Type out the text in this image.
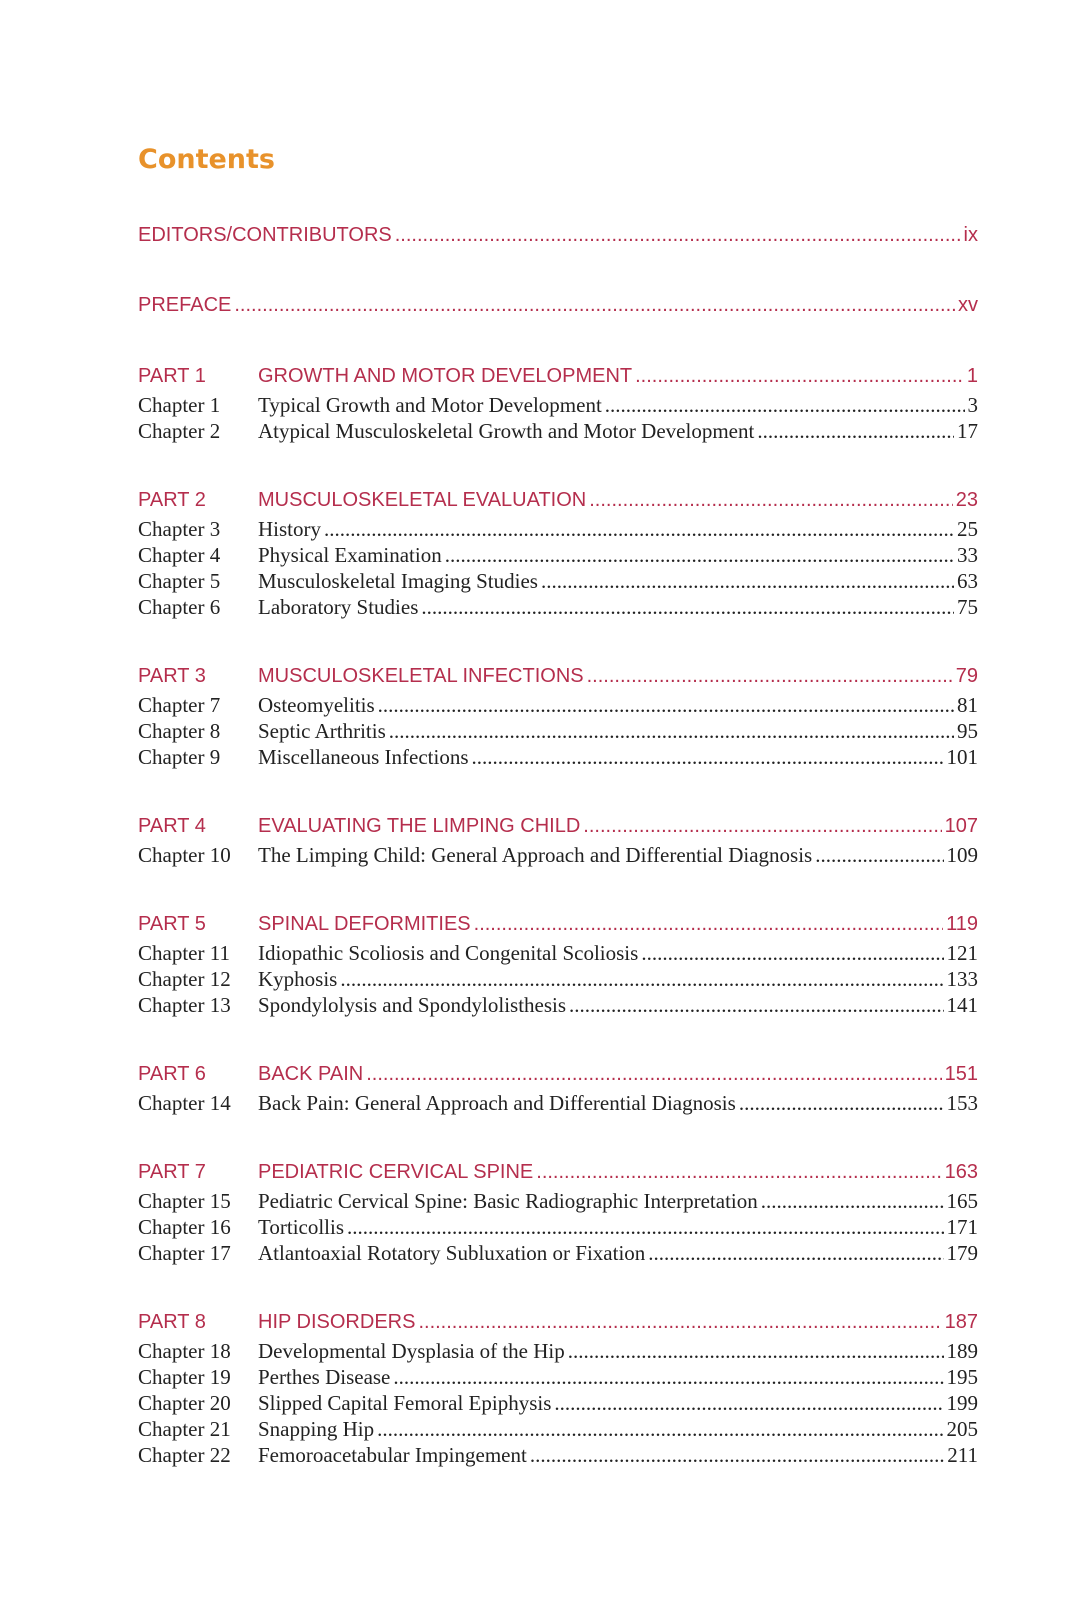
Contents
EDITORS/CONTRIBUTORS .....	ix
PREFACE .....	xv
PART 1	GROWTH AND MOTOR DEVELOPMENT .....	1
Chapter 1 Typical Growth and Motor Development .....	3
Chapter 2 Atypical Musculoskeletal Growth and Motor Development .....	17
PART 2	MUSCULOSKELETAL EVALUATION .....	23
Chapter 3 History .....	25
Chapter 4 Physical Examination .....	33
Chapter 5 Musculoskeletal Imaging Studies .....	63
Chapter 6 Laboratory Studies .....	75
PART 3	MUSCULOSKELETAL INFECTIONS .....	79
Chapter 7 Osteomyelitis .....	81
Chapter 8 Septic Arthritis .....	95
Chapter 9 Miscellaneous Infections .....	101
PART 4	EVALUATING THE LIMPING CHILD .....	107
Chapter 10 The Limping Child: General Approach and Differential Diagnosis .....	109
PART 5	SPINAL DEFORMITIES .....	119
Chapter 11 Idiopathic Scoliosis and Congenital Scoliosis .....	121
Chapter 12 Kyphosis .....	133
Chapter 13 Spondylolysis and Spondylolisthesis .....	141
PART 6	BACK PAIN .....	151
Chapter 14 Back Pain: General Approach and Differential Diagnosis .....	153
PART 7	PEDIATRIC CERVICAL SPINE .....	163
Chapter 15 Pediatric Cervical Spine: Basic Radiographic Interpretation .....	165
Chapter 16 Torticollis .....	171
Chapter 17 Atlantoaxial Rotatory Subluxation or Fixation .....	179
PART 8	HIP DISORDERS .....	187
Chapter 18 Developmental Dysplasia of the Hip .....	189
Chapter 19 Perthes Disease .....	195
Chapter 20 Slipped Capital Femoral Epiphysis .....	199
Chapter 21 Snapping Hip .....	205
Chapter 22 Femoroacetabular Impingement .....	211
